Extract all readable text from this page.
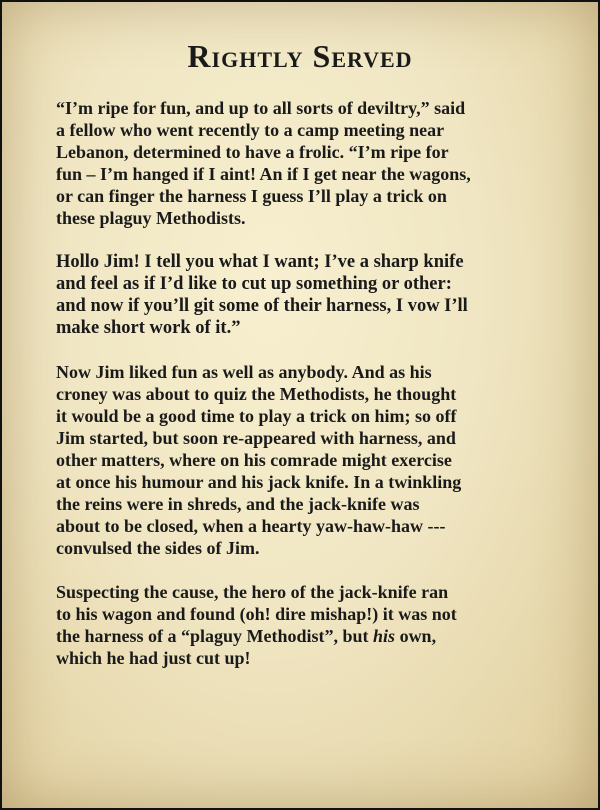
Rightly Served

“I’m ripe for fun, and up to all sorts of deviltry,” said
a fellow who went recently to a camp meeting near
Lebanon, determined to have a frolic. “I’m ripe for
fun – I’m hanged if I aint! An if I get near the wagons,
or can finger the harness I guess I’ll play a trick on
these plaguy Methodists.

Hollo Jim! I tell you what I want; I’ve a sharp knife
and feel as if I’d like to cut up something or other:
and now if you’ll git some of their harness, I vow I’ll
make short work of it.”

Now Jim liked fun as well as anybody. And as his
croney was about to quiz the Methodists, he thought
it would be a good time to play a trick on him; so off
Jim started, but soon re-appeared with harness, and
other matters, where on his comrade might exercise
at once his humour and his jack knife. In a twinkling
the reins were in shreds, and the jack-knife was
about to be closed, when a hearty yaw-haw-haw ---
convulsed the sides of Jim.

Suspecting the cause, the hero of the jack-knife ran
to his wagon and found (oh! dire mishap!) it was not
the harness of a “plaguy Methodist”, but his own,
which he had just cut up!
